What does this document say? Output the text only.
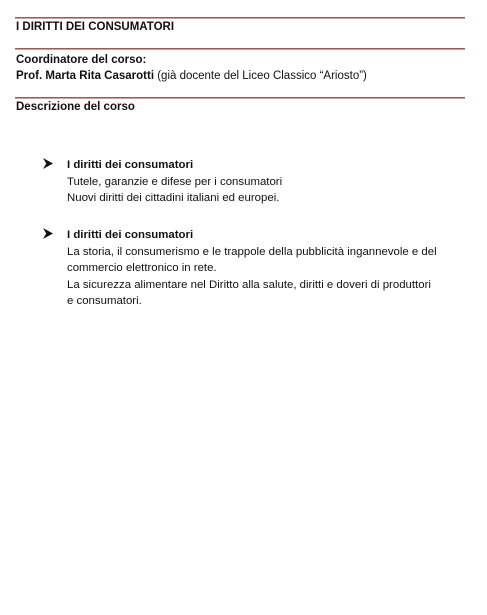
I DIRITTI DEI CONSUMATORI
Coordinatore del corso:
Prof. Marta Rita Casarotti (già docente del Liceo Classico “Ariosto”)
Descrizione del corso
I diritti dei consumatori
Tutele, garanzie e difese per i consumatori
Nuovi diritti dei cittadini italiani ed europei.
I diritti dei consumatori
La storia, il consumerismo e le trappole della pubblicità ingannevole e del
commercio elettronico in rete.
La sicurezza alimentare nel Diritto alla salute, diritti e doveri di produttori
e consumatori.
